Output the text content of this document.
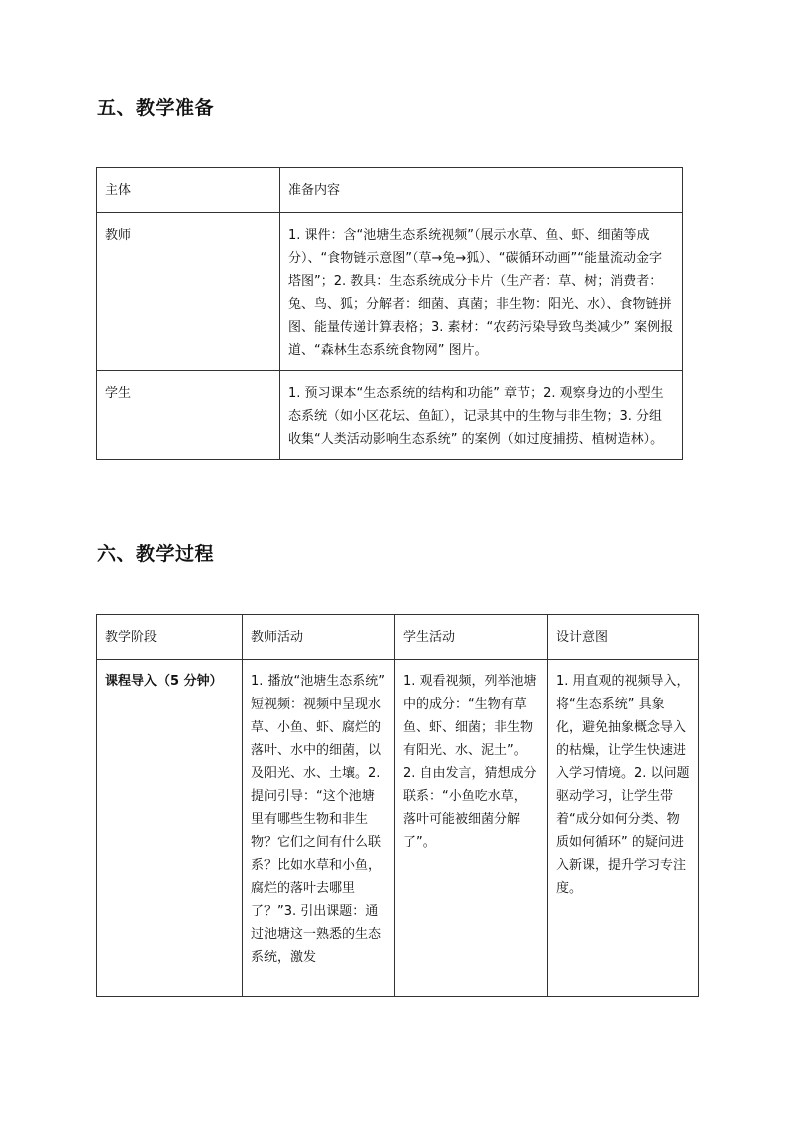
五、教学准备
主体	准备内容
教师	1. 课件：含“池塘生态系统视频”（展示水草、鱼、虾、细菌等成分）、“食物链示意图”（草→兔→狐）、“碳循环动画”“能量流动金字塔图”；2. 教具：生态系统成分卡片（生产者：草、树；消费者：兔、鸟、狐；分解者：细菌、真菌；非生物：阳光、水）、食物链拼图、能量传递计算表格；3. 素材：“农药污染导致鸟类减少” 案例报道、“森林生态系统食物网” 图片。
学生	1. 预习课本“生态系统的结构和功能” 章节；2. 观察身边的小型生态系统（如小区花坛、鱼缸），记录其中的生物与非生物；3. 分组收集“人类活动影响生态系统” 的案例（如过度捕捞、植树造林）。
六、教学过程
教学阶段	教师活动	学生活动	设计意图
课程导入（5 分钟）	1. 播放“池塘生态系统” 短视频：视频中呈现水草、小鱼、虾、腐烂的落叶、水中的细菌，以及阳光、水、土壤。2. 提问引导：“这个池塘里有哪些生物和非生物？它们之间有什么联系？比如水草和小鱼，腐烂的落叶去哪里了？”3. 引出课题：通过池塘这一熟悉的生态系统，激发	1. 观看视频，列举池塘中的成分：“生物有草鱼、虾、细菌；非生物有阳光、水、泥土”。2. 自由发言，猜想成分联系：“小鱼吃水草，落叶可能被细菌分解了”。	1. 用直观的视频导入，将“生态系统” 具象化，避免抽象概念导入的枯燥，让学生快速进入学习情境。2. 以问题驱动学习，让学生带着“成分如何分类、物质如何循环” 的疑问进入新课，提升学习专注度。
